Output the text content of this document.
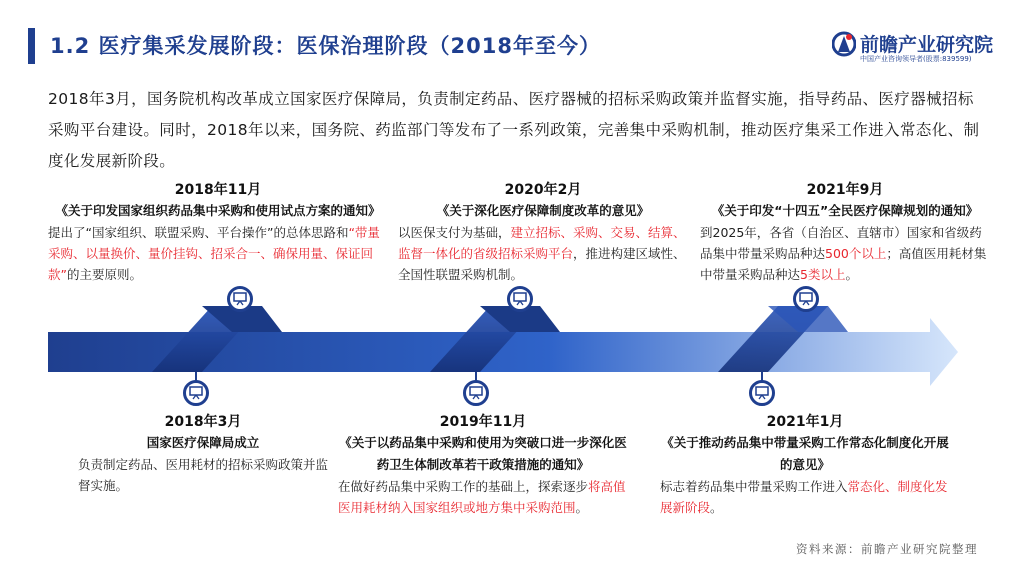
1.2 医疗集采发展阶段：医保治理阶段（2018年至今）	前瞻产业研究院
中国产业咨询领导者(股票:839599)
2018年3月，国务院机构改革成立国家医疗保障局，负责制定药品、医疗器械的招标采购政策并监督实施，指导药品、医疗器械招标采购平台建设。同时，2018年以来，国务院、药监部门等发布了一系列政策，完善集中采购机制，推动医疗集采工作进入常态化、制度化发展新阶段。
2018年11月
《关于印发国家组织药品集中采购和使用试点方案的通知》
提出了“国家组织、联盟采购、平台操作”的总体思路和“带量采购、以量换价、量价挂钩、招采合一、确保用量、保证回款”的主要原则。
2020年2月
《关于深化医疗保障制度改革的意见》
以医保支付为基础，建立招标、采购、交易、结算、监督一体化的省级招标采购平台，推进构建区域性、全国性联盟采购机制。
2021年9月
《关于印发“十四五”全民医疗保障规划的通知》
到2025年，各省（自治区、直辖市）国家和省级药品集中带量采购品种达500个以上；高值医用耗材集中带量采购品种达5类以上。
2018年3月
国家医疗保障局成立
负责制定药品、医用耗材的招标采购政策并监督实施。
2019年11月
《关于以药品集中采购和使用为突破口进一步深化医药卫生体制改革若干政策措施的通知》
在做好药品集中采购工作的基础上，探索逐步将高值医用耗材纳入国家组织或地方集中采购范围。
2021年1月
《关于推动药品集中带量采购工作常态化制度化开展的意见》
标志着药品集中带量采购工作进入常态化、制度化发展新阶段。
资料来源：前瞻产业研究院整理
